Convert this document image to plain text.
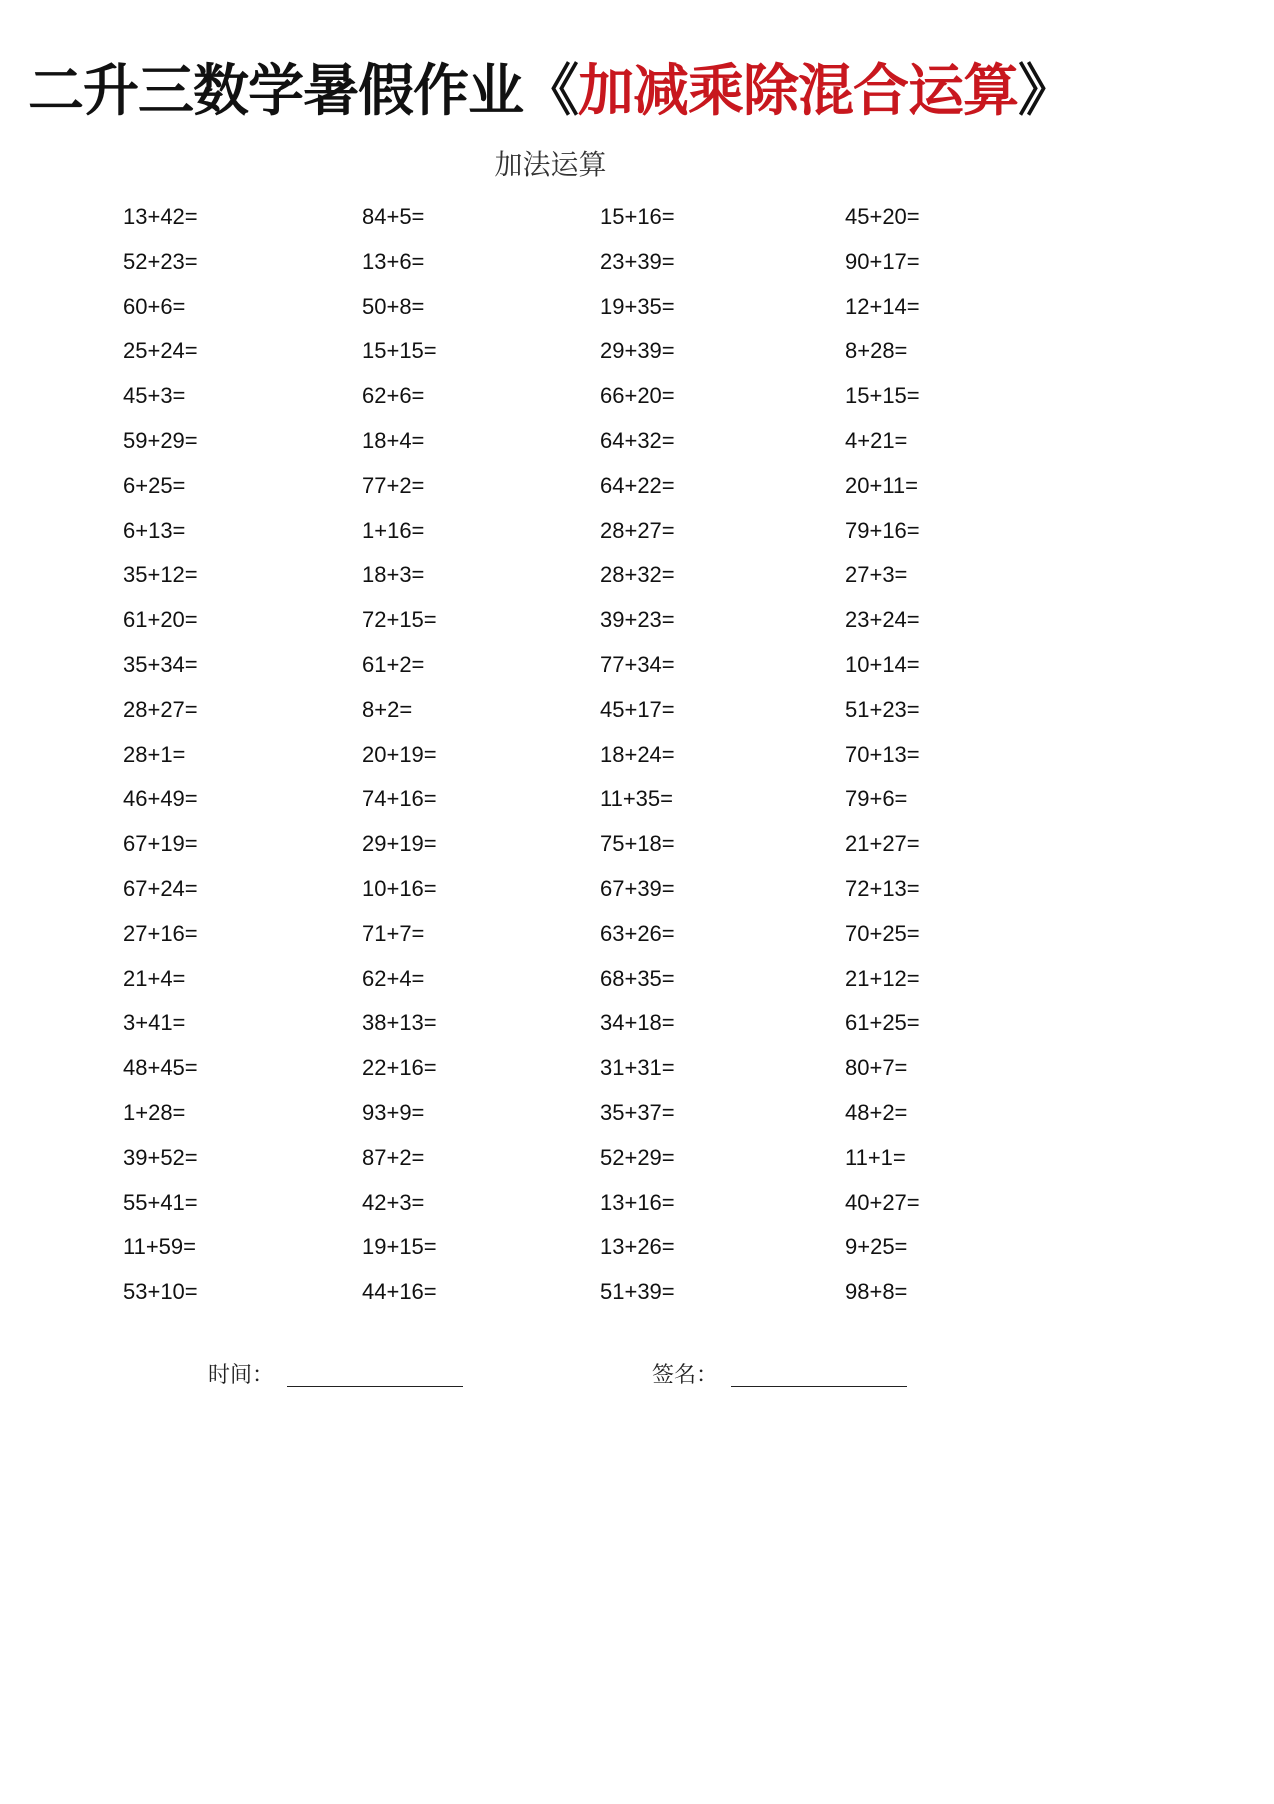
二升三数学暑假作业《加减乘除混合运算》
加法运算
13+42=	84+5=	15+16=	45+20=
52+23=	13+6=	23+39=	90+17=
60+6=	50+8=	19+35=	12+14=
25+24=	15+15=	29+39=	8+28=
45+3=	62+6=	66+20=	15+15=
59+29=	18+4=	64+32=	4+21=
6+25=	77+2=	64+22=	20+11=
6+13=	1+16=	28+27=	79+16=
35+12=	18+3=	28+32=	27+3=
61+20=	72+15=	39+23=	23+24=
35+34=	61+2=	77+34=	10+14=
28+27=	8+2=	45+17=	51+23=
28+1=	20+19=	18+24=	70+13=
46+49=	74+16=	11+35=	79+6=
67+19=	29+19=	75+18=	21+27=
67+24=	10+16=	67+39=	72+13=
27+16=	71+7=	63+26=	70+25=
21+4=	62+4=	68+35=	21+12=
3+41=	38+13=	34+18=	61+25=
48+45=	22+16=	31+31=	80+7=
1+28=	93+9=	35+37=	48+2=
39+52=	87+2=	52+29=	11+1=
55+41=	42+3=	13+16=	40+27=
11+59=	19+15=	13+26=	9+25=
53+10=	44+16=	51+39=	98+8=
时间：	签名：
